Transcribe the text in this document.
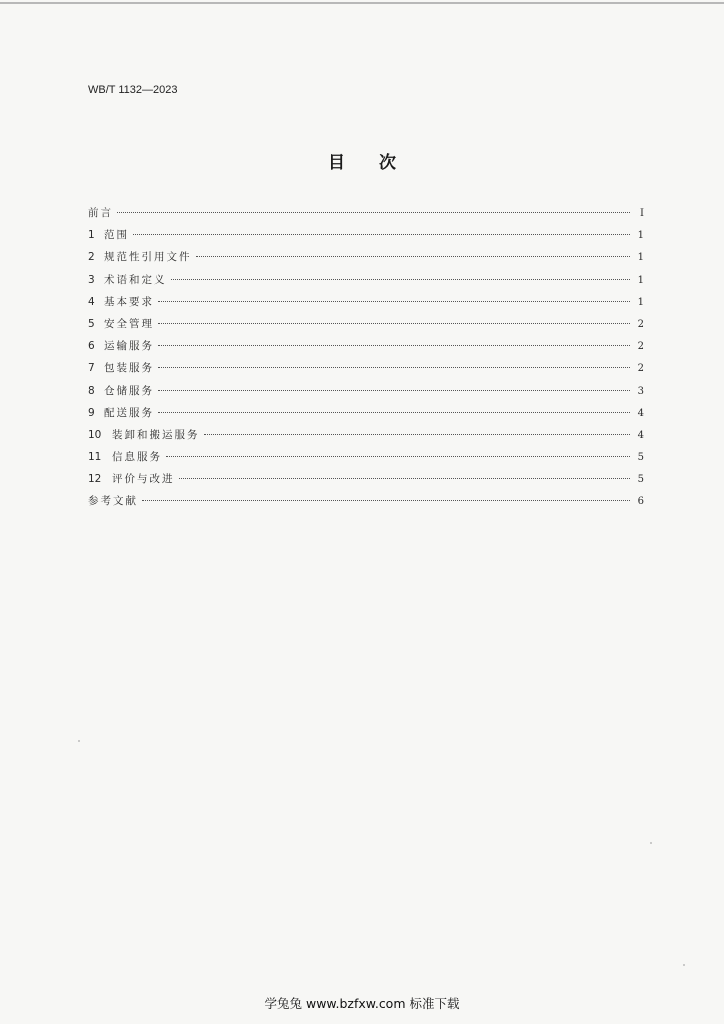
WB/T 1132—2023
目次
前言	Ⅰ
1 范围	1
2 规范性引用文件	1
3 术语和定义	1
4 基本要求	1
5 安全管理	2
6 运输服务	2
7 包装服务	2
8 仓储服务	3
9 配送服务	4
10	装卸和搬运服务	4
11	信息服务	5
12	评价与改进	5
参考文献	6
学兔兔 www.bzfxw.com 标准下载
